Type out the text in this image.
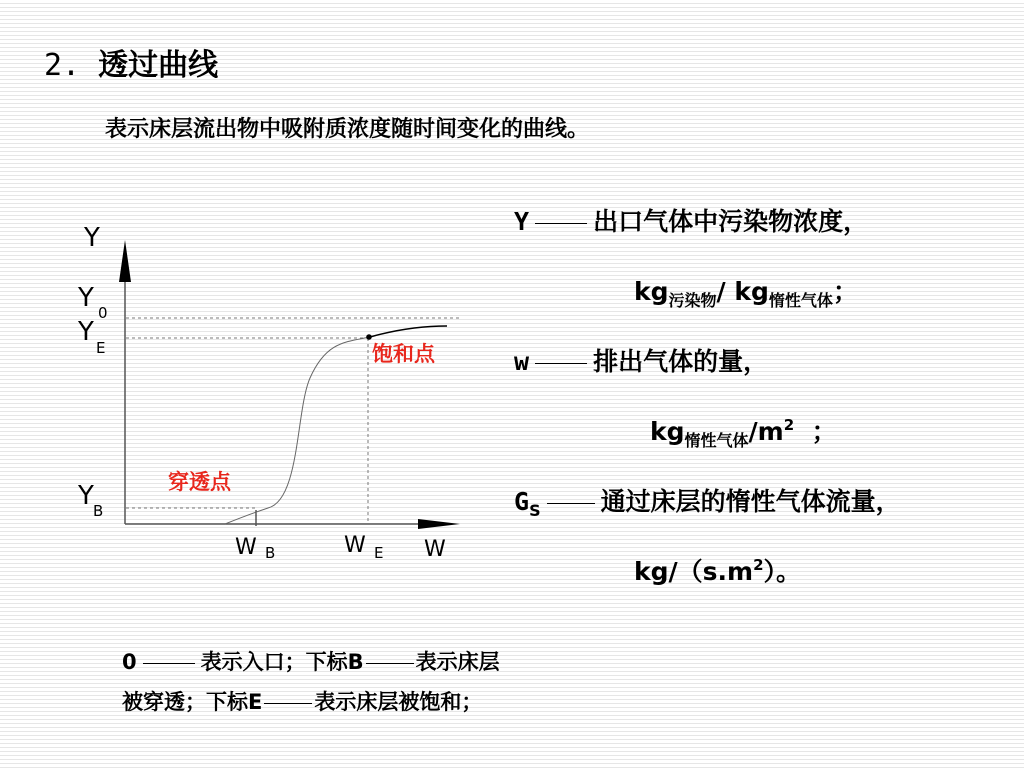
2. 透过曲线
表示床层流出物中吸附质浓度随时间变化的曲线。
Y
Y 0
Y
E
Y B
W B	W E W
饱和点
穿透点
Y	出口气体中污染物浓度，
$kg_{污染物}/$ $kg_{惰性气体}$；
w	排出气体的量，
$kg_{惰性气体}/m^2$  ；
$G_S$ 通过床层的惰性气体流量，
$kg/(s.m^2)$。
0	表示入口；下标B 表示床层
被穿透；下标E 表示床层被饱和；
